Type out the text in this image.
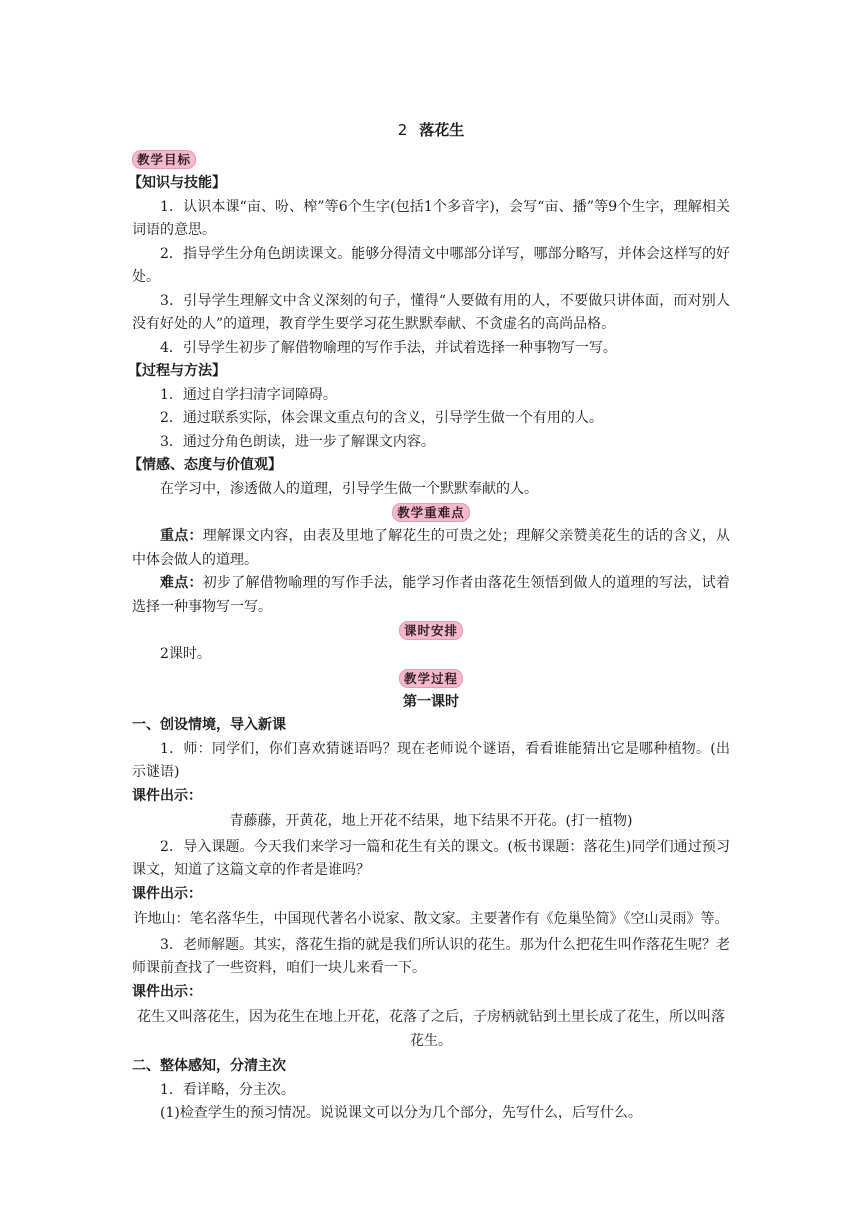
2 落花生
教学目标
【知识与技能】

1．认识本课“亩、吩、榨”等6个生字(包括1个多音字)，会写“亩、播”等9个生字，理解相关词语的意思。

2．指导学生分角色朗读课文。能够分得清文中哪部分详写，哪部分略写，并体会这样写的好处。

3．引导学生理解文中含义深刻的句子，懂得“人要做有用的人，不要做只讲体面，而对别人没有好处的人”的道理，教育学生要学习花生默默奉献、不贪虚名的高尚品格。

4．引导学生初步了解借物喻理的写作手法，并试着选择一种事物写一写。

【过程与方法】

1．通过自学扫清字词障碍。

2．通过联系实际，体会课文重点句的含义，引导学生做一个有用的人。

3．通过分角色朗读，进一步了解课文内容。

【情感、态度与价值观】

在学习中，渗透做人的道理，引导学生做一个默默奉献的人。

教学重难点

重点：理解课文内容，由表及里地了解花生的可贵之处；理解父亲赞美花生的话的含义，从中体会做人的道理。

难点：初步了解借物喻理的写作手法，能学习作者由落花生领悟到做人的道理的写法，试着选择一种事物写一写。

课时安排

2课时。

教学过程

第一课时

一、创设情境，导入新课

1．师：同学们，你们喜欢猜谜语吗？现在老师说个谜语，看看谁能猜出它是哪种植物。(出示谜语)

课件出示：

青藤藤，开黄花，地上开花不结果，地下结果不开花。(打一植物)

2．导入课题。今天我们来学习一篇和花生有关的课文。(板书课题：落花生)同学们通过预习课文，知道了这篇文章的作者是谁吗？

课件出示：

许地山：笔名落华生，中国现代著名小说家、散文家。主要著作有《危巢坠简》《空山灵雨》等。

3．老师解题。其实，落花生指的就是我们所认识的花生。那为什么把花生叫作落花生呢？老师课前查找了一些资料，咱们一块儿来看一下。

课件出示：

花生又叫落花生，因为花生在地上开花，花落了之后，子房柄就钻到土里长成了花生，所以叫落花生。

二、整体感知，分清主次

1．看详略，分主次。

(1)检查学生的预习情况。说说课文可以分为几个部分，先写什么，后写什么。
